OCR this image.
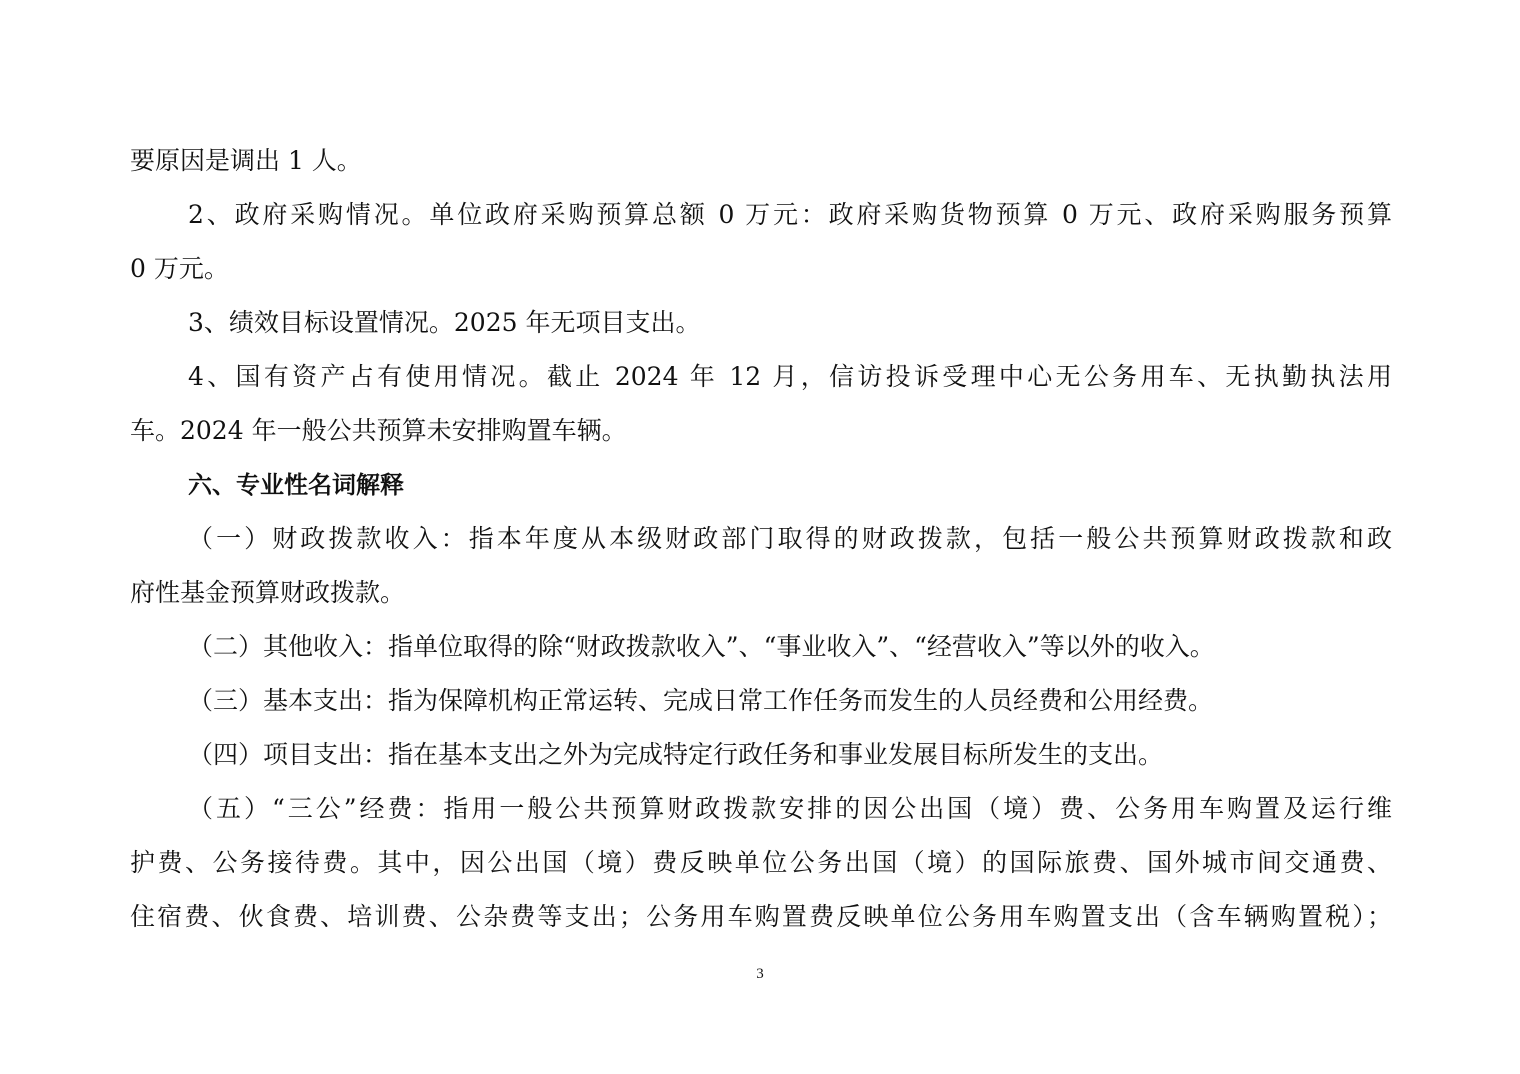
要原因是调出 1 人。
2、政府采购情况。单位政府采购预算总额 0 万元：政府采购货物预算 0 万元、政府采购服务预算
0 万元。
3、绩效目标设置情况。2025 年无项目支出。
4、国有资产占有使用情况。截止 2024 年 12 月，信访投诉受理中心无公务用车、无执勤执法用
车。2024 年一般公共预算未安排购置车辆。
六、专业性名词解释
（一）财政拨款收入：指本年度从本级财政部门取得的财政拨款，包括一般公共预算财政拨款和政
府性基金预算财政拨款。
（二）其他收入：指单位取得的除“财政拨款收入”、“事业收入”、“经营收入”等以外的收入。
（三）基本支出：指为保障机构正常运转、完成日常工作任务而发生的人员经费和公用经费。
（四）项目支出：指在基本支出之外为完成特定行政任务和事业发展目标所发生的支出。
（五）“三公”经费：指用一般公共预算财政拨款安排的因公出国（境）费、公务用车购置及运行维
护费、公务接待费。其中，因公出国（境）费反映单位公务出国（境）的国际旅费、国外城市间交通费、
住宿费、伙食费、培训费、公杂费等支出；公务用车购置费反映单位公务用车购置支出（含车辆购置税）；
3
